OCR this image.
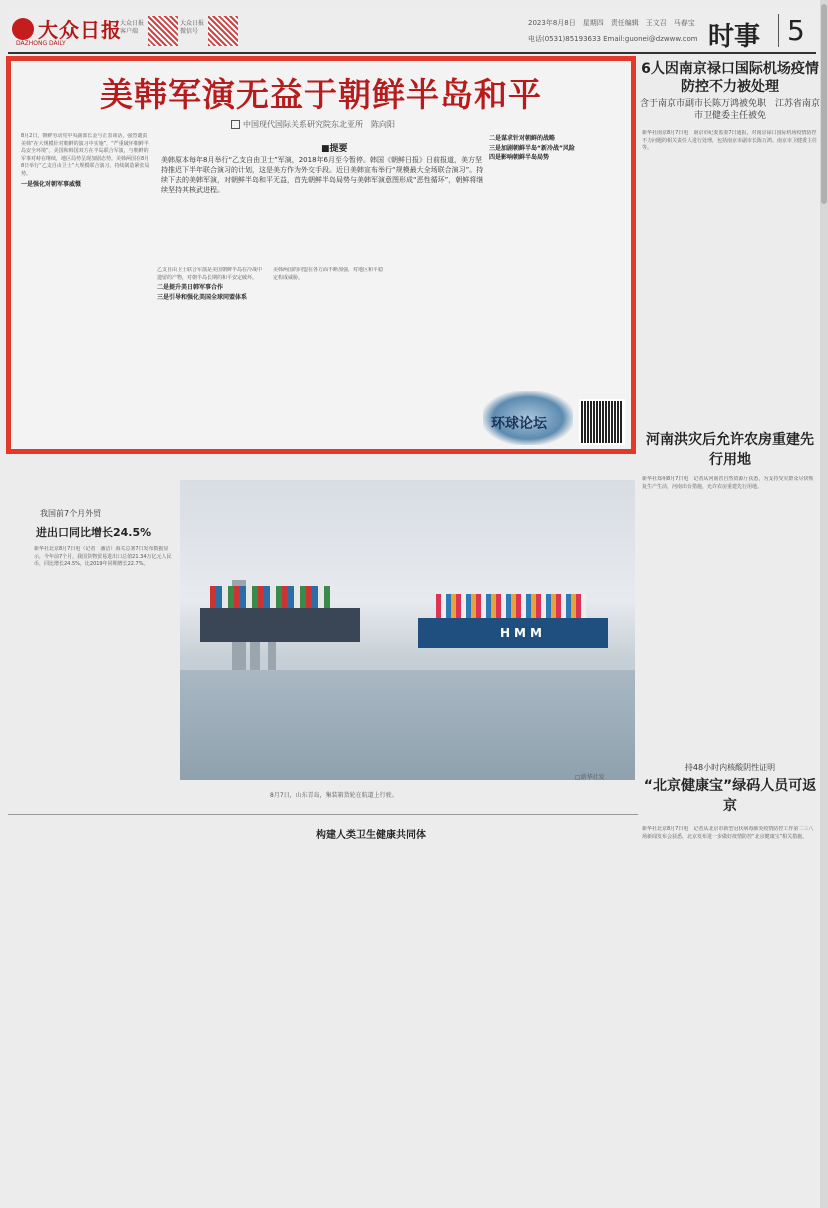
大众日报
DAZHONG DAILY
大众日报客户端
大众日报微信号
2023年8月8日　星期四　责任编辑　王文召　马春宝
电话(0531)85193633 Email:guonei@dzwww.com 时事 5
美韩军演无益于朝鲜半岛和平
中国现代国际关系研究院东北亚所　陈向阳
■提要
美韩原本每年8月举行“乙支自由卫士”军演，2018年6月至今暂停。韩国《朝鲜日报》日前报道，美方坚持推迟下半年联合演习的计划，这是美方作为外交手段。近日美韩宣布举行“规模最大全场联合演习”。持续下去的美韩军演，对朝鲜半岛和平无益，首先朝鲜半岛局势与美韩军演意图形成“恶性循环”，朝鲜将继续坚持其核武进程。
8月2日，朝鲜劳动党中央副部长金与正表谈话，强烈谴责美韩“在大规模针对朝鲜的演习中实施”，“严重破坏朝鲜半岛安全环境”。美国和韩国双方在半岛联合军演，与朝鲜的军事对峙在继续，地区局势呈现加剧态势。美韩两国在8月8日举行“乙支自由卫士”大规模联合演习，持续制造紧张局势。
一是强化对朝军事威慑
乙支自由卫士联合军演是美国朝鲜半岛在冷战中遗留的产物，对朝半岛长期的和平安定破坏。
二是提升美日韩军事合作
三是引导和强化美国全球同盟体系
美韩两国的同盟在各方面不断加强，对地区和平稳定构成威胁。
二是谋求针对朝鲜的战略
三是加剧朝鲜半岛“新冷战”风险
四是影响朝鲜半岛局势
环球论坛
6人因南京禄口国际机场疫情防控不力被处理
含于南京市副市长陈万鸿被免职　江苏省南京市卫健委主任被免
新华社南京8月7日电　南京市纪委监委7日通报，对南京禄口国际机场疫情防控不力问题的相关责任人进行处理，包括南京市副市长陈万鸿、南京市卫健委主任等。
河南洪灾后允许农房重建先行用地
新华社郑州8月7日电　记者从河南省自然资源厅获悉，为支持受灾群众尽快恢复生产生活，河南出台措施，允许农房重建先行用地。
持48小时内核酸阴性证明
“北京健康宝”绿码人员可返京
新华社北京8月7日电　记者从北京市新型冠状病毒肺炎疫情防控工作第二三八场新闻发布会获悉，北京发布进一步做好疫情防控“北京健康宝”相关措施。
我国前7个月外贸
进出口同比增长24.5%
新华社北京8月7日电（记者　潘洁）海关总署7日发布数据显示，今年前7个月，我国货物贸易进出口总值21.34万亿元人民币，同比增长24.5%，比2019年同期增长22.7%。
HMM
□新华社发
8月7日，山东青岛，集装箱货轮在航道上行驶。
构建人类卫生健康共同体
